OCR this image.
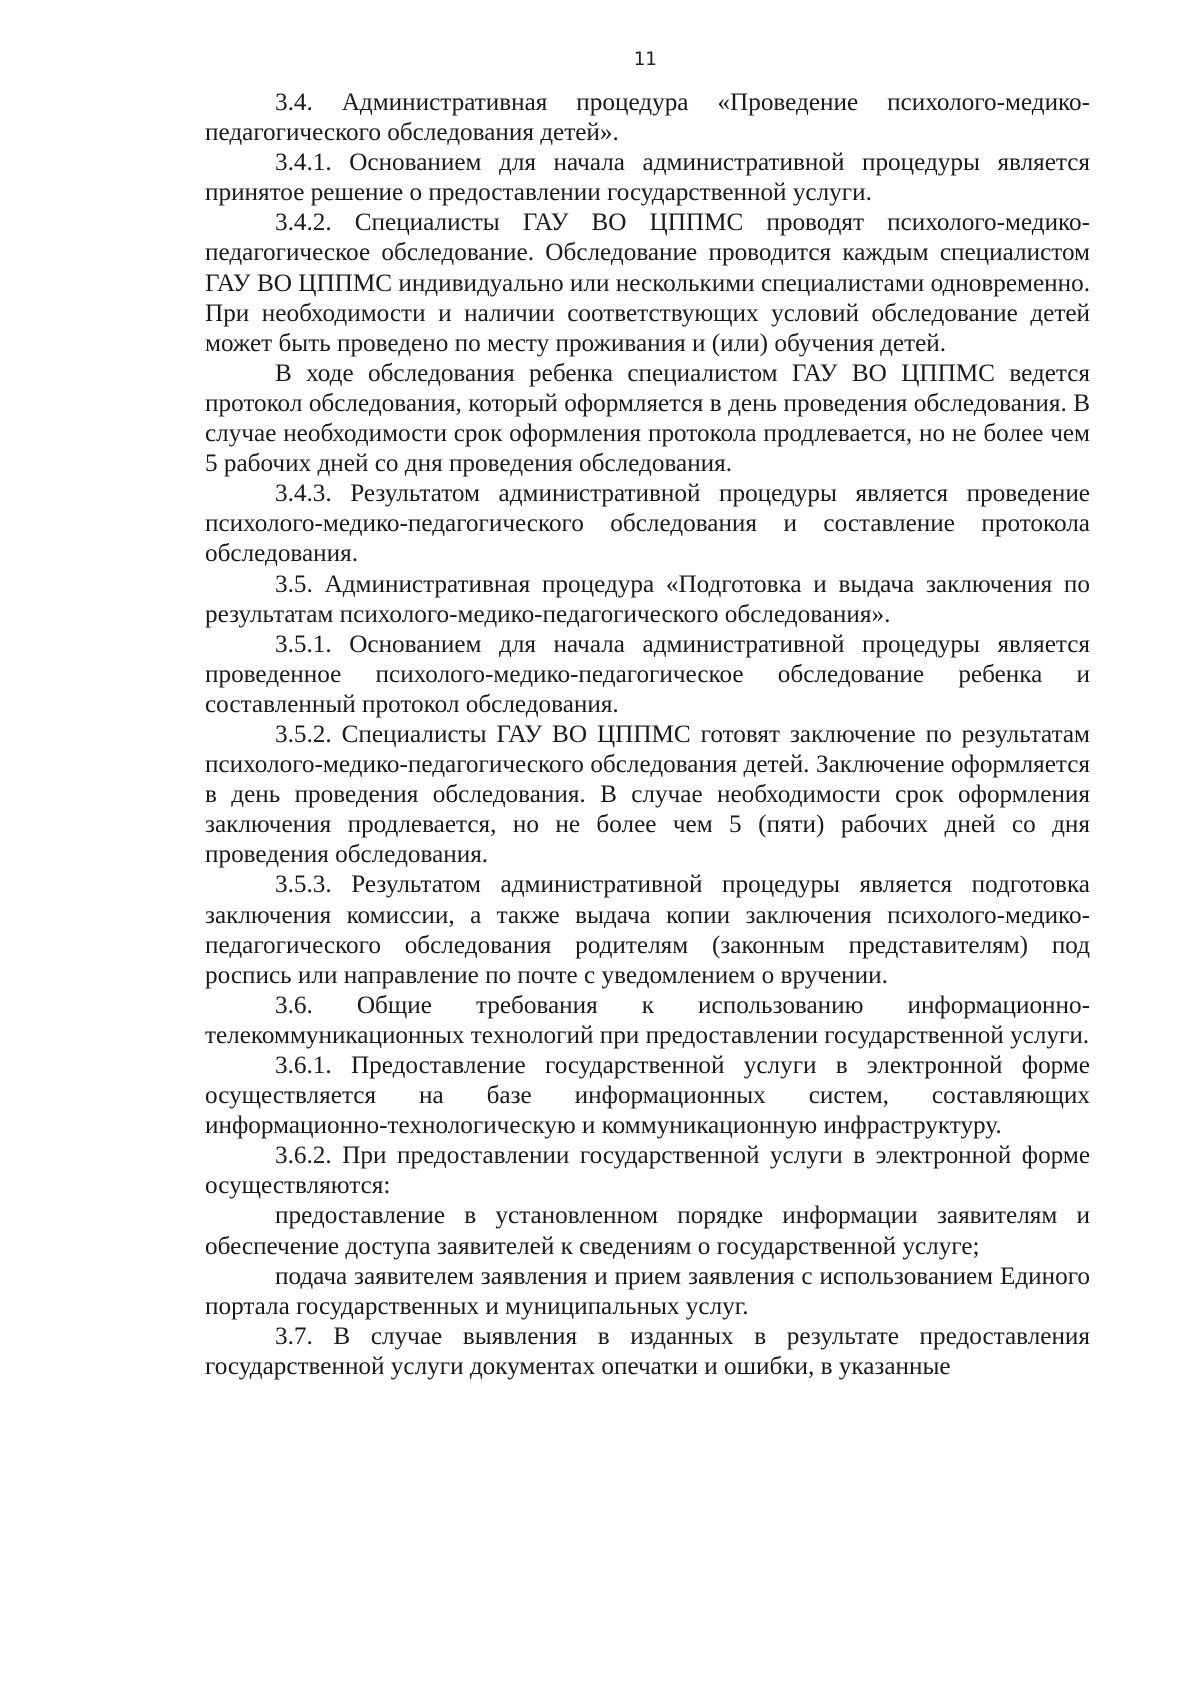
11

3.4. Административная процедура «Проведение психолого-медико-педагогического обследования детей».

3.4.1. Основанием для начала административной процедуры является принятое решение о предоставлении государственной услуги.

3.4.2. Специалисты ГАУ ВО ЦППМС проводят психолого-медико-педагогическое обследование. Обследование проводится каждым специалистом ГАУ ВО ЦППМС индивидуально или несколькими специалистами одновременно. При необходимости и наличии соответствующих условий обследование детей может быть проведено по месту проживания и (или) обучения детей.

В ходе обследования ребенка специалистом ГАУ ВО ЦППМС ведется протокол обследования, который оформляется в день проведения обследования. В случае необходимости срок оформления протокола продлевается, но не более чем 5 рабочих дней со дня проведения обследования.

3.4.3. Результатом административной процедуры является проведение психолого-медико-педагогического обследования и составление протокола обследования.

3.5. Административная процедура «Подготовка и выдача заключения по результатам психолого-медико-педагогического обследования».

3.5.1. Основанием для начала административной процедуры является проведенное психолого-медико-педагогическое обследование ребенка и составленный протокол обследования.

3.5.2. Специалисты ГАУ ВО ЦППМС готовят заключение по результатам психолого-медико-педагогического обследования детей. Заключение оформляется в день проведения обследования. В случае необходимости срок оформления заключения продлевается, но не более чем 5 (пяти) рабочих дней со дня проведения обследования.

3.5.3. Результатом административной процедуры является подготовка заключения комиссии, а также выдача копии заключения психолого-медико-педагогического обследования родителям (законным представителям) под роспись или направление по почте с уведомлением о вручении.

3.6. Общие требования к использованию информационно-телекоммуникационных технологий при предоставлении государственной услуги.

3.6.1. Предоставление государственной услуги в электронной форме осуществляется на базе информационных систем, составляющих информационно-технологическую и коммуникационную инфраструктуру.

3.6.2. При предоставлении государственной услуги в электронной форме осуществляются:

предоставление в установленном порядке информации заявителям и обеспечение доступа заявителей к сведениям о государственной услуге;

подача заявителем заявления и прием заявления с использованием Единого портала государственных и муниципальных услуг.

3.7. В случае выявления в изданных в результате предоставления государственной услуги документах опечатки и ошибки, в указанные
